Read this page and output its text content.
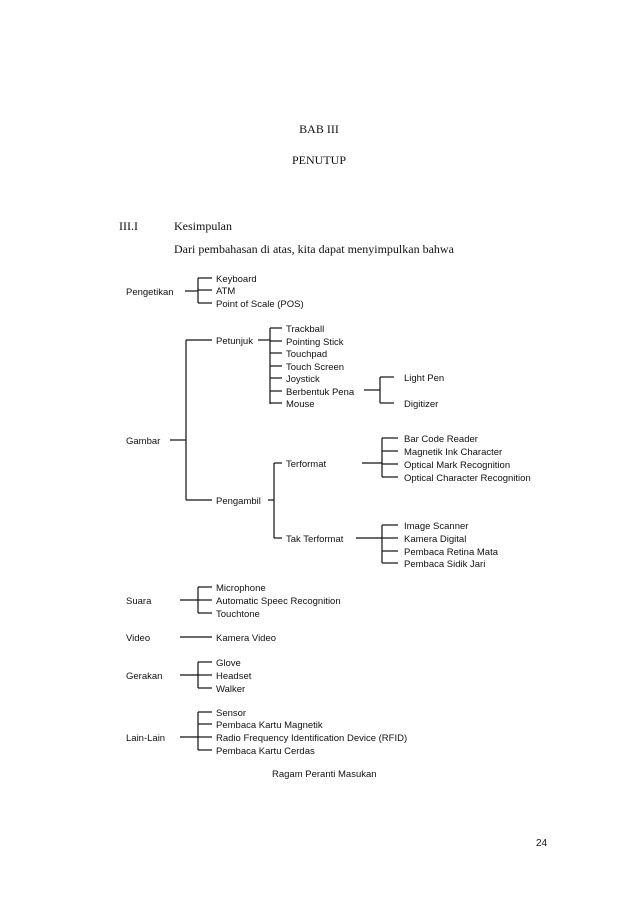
BAB III
PENUTUP
III.I	Kesimpulan
Dari pembahasan di atas, kita dapat menyimpulkan bahwa
Pengetikan
Keyboard
ATM
Point of Scale (POS)
Gambar
Petunjuk
Trackball
Pointing Stick
Touchpad
Touch Screen
Joystick
Berbentuk Pena
Mouse
Light Pen
Digitizer
Pengambil
Terformat
Bar Code Reader
Magnetik Ink Character
Optical Mark Recognition
Optical Character Recognition
Tak Terformat
Image Scanner
Kamera Digital
Pembaca Retina Mata
Pembaca Sidik Jari
Suara
Microphone
Automatic Speec Recognition
Touchtone
Video	Kamera Video
Gerakan
Glove
Headset
Walker
Lain-Lain
Sensor
Pembaca Kartu Magnetik
Radio Frequency Identification Device (RFID)
Pembaca Kartu Cerdas
Ragam Peranti Masukan
24
